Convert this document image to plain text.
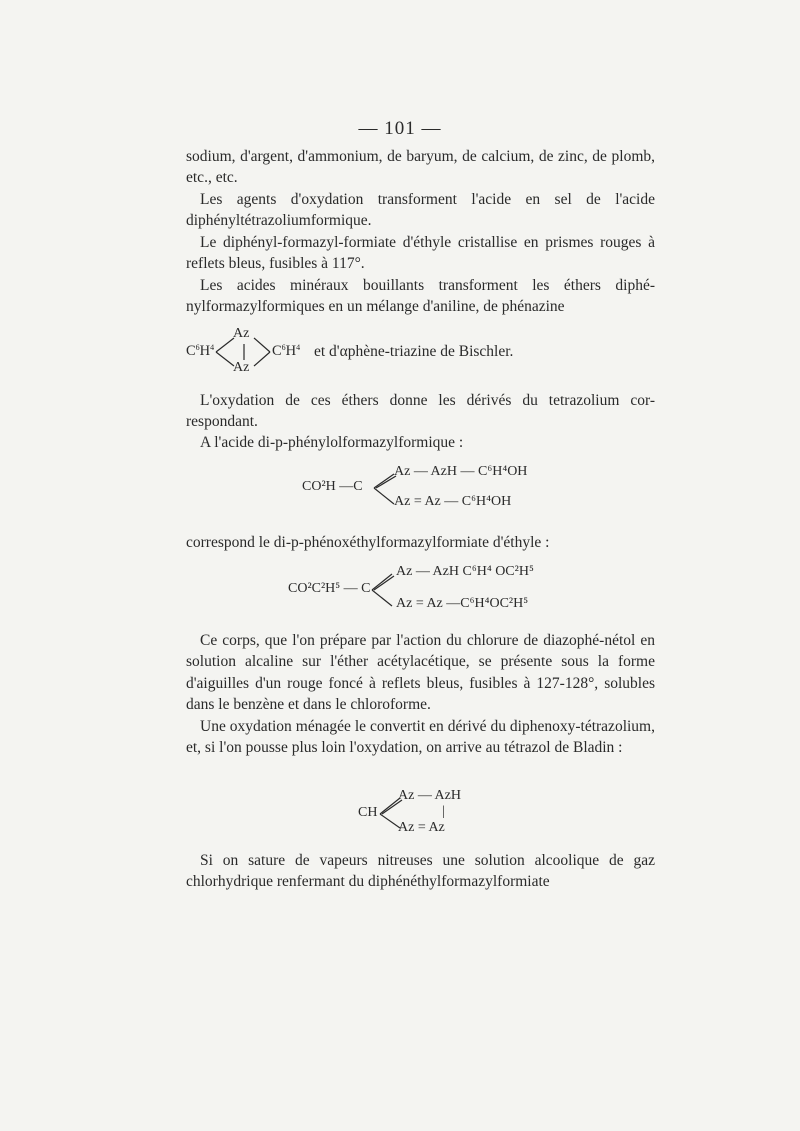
— 101 —
sodium, d'argent, d'ammonium, de baryum, de calcium, de zinc, de plomb, etc., etc.
Les agents d'oxydation transforment l'acide en sel de l'acide diphényltétrazoliumformique.
Le diphényl-formazyl-formiate d'éthyle cristallise en prismes rouges à reflets bleus, fusibles à 117°.
Les acides minéraux bouillants transforment les éthers diphé-nylformazylformiques en un mélange d'aniline, de phénazine
$C^6H^4$
Az
Az
$C^6H^4$ et d'αphène-triazine de Bischler.
L'oxydation de ces éthers donne les dérivés du tetrazolium cor-respondant.
A l'acide di-p-phénylolformazylformique :
CO²H —C
Az — AzH — C⁶H⁴OH
Az = Az — C⁶H⁴OH
correspond le di-p-phénoxéthylformazylformiate d'éthyle :
CO²C²H⁵ — C
Az — AzH C⁶H⁴ OC²H⁵
Az = Az —C⁶H⁴OC²H⁵
Ce corps, que l'on prépare par l'action du chlorure de diazophé-nétol en solution alcaline sur l'éther acétylacétique, se présente sous la forme d'aiguilles d'un rouge foncé à reflets bleus, fusibles à 127-128°, solubles dans le benzène et dans le chloroforme.
Une oxydation ménagée le convertit en dérivé du diphenoxy-tétrazolium, et, si l'on pousse plus loin l'oxydation, on arrive au tétrazol de Bladin :
CH
Az — AzH
|
Az = Az
Si on sature de vapeurs nitreuses une solution alcoolique de gaz chlorhydrique renfermant du diphénéthylformazylformiate
